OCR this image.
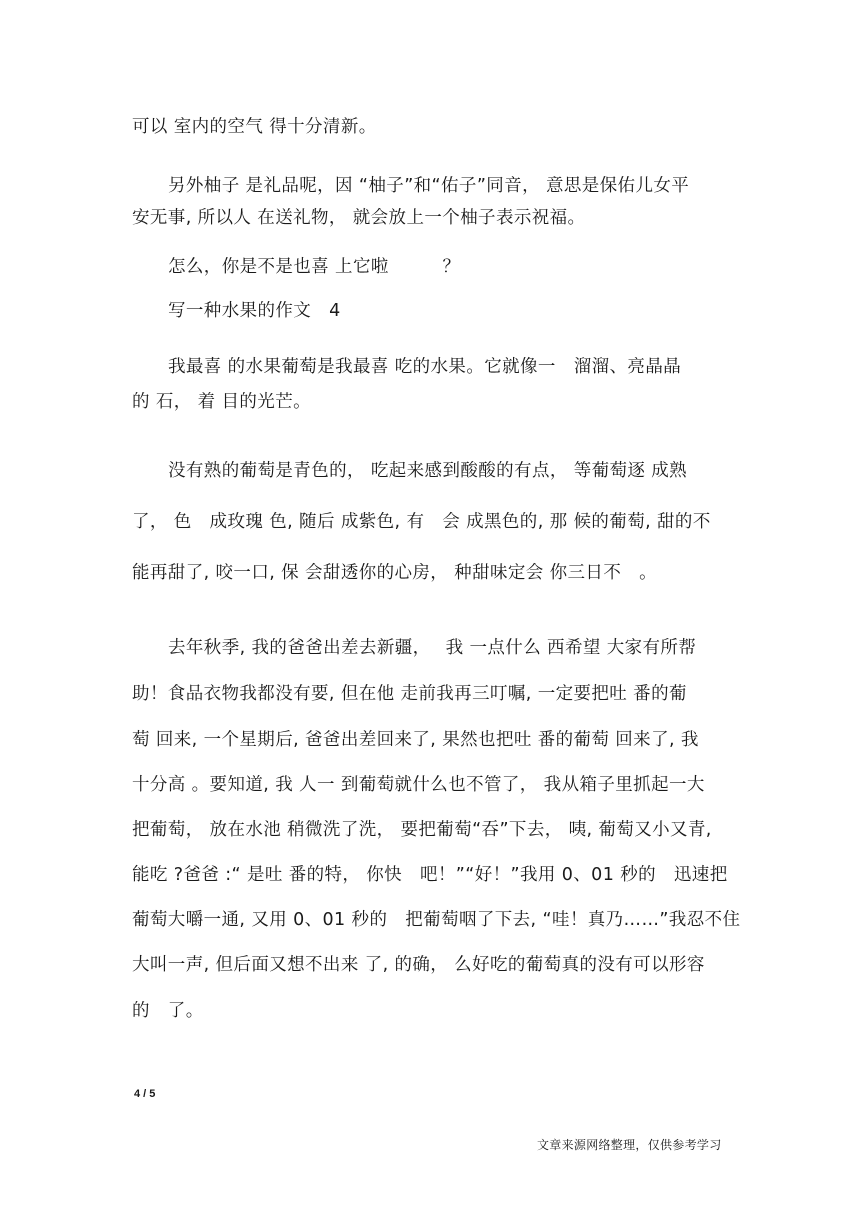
可以 室内的空气 得十分清新。
另外柚子 是礼品呢，因 “柚子”和“佑子”同音， 意思是保佑儿女平
安无事, 所以人 在送礼物， 就会放上一个柚子表示祝福。
怎么，你是不是也喜 上它啦　　　？
写一种水果的作文　4
我最喜 的水果葡萄是我最喜 吃的水果。它就像一　溜溜、亮晶晶
的 石， 着 目的光芒。
没有熟的葡萄是青色的， 吃起来感到酸酸的有点， 等葡萄逐 成熟
了， 色　成玫瑰 色, 随后 成紫色, 有　会 成黑色的, 那 候的葡萄, 甜的不
能再甜了, 咬一口, 保 会甜透你的心房， 种甜味定会 你三日不　。
去年秋季, 我的爸爸出差去新疆，　 我 一点什么 西希望 大家有所帮
助！食品衣物我都没有要, 但在他 走前我再三叮嘱, 一定要把吐 番的葡
萄 回来, 一个星期后, 爸爸出差回来了, 果然也把吐 番的葡萄 回来了, 我
十分高 。要知道, 我 人一 到葡萄就什么也不管了， 我从箱子里抓起一大
把葡萄， 放在水池 稍微洗了洗， 要把葡萄“吞”下去， 咦, 葡萄又小又青,
能吃 ?爸爸 :“ 是吐 番的特， 你快　吧！”“好！”我用 0、01 秒的　迅速把
葡萄大嚼一通, 又用 0、01 秒的　把葡萄咽了下去, “哇！真乃……”我忍不住
大叫一声, 但后面又想不出来 了, 的确， 么好吃的葡萄真的没有可以形容
的　了。
4 / 5
文章来源网络整理，仅供参考学习
